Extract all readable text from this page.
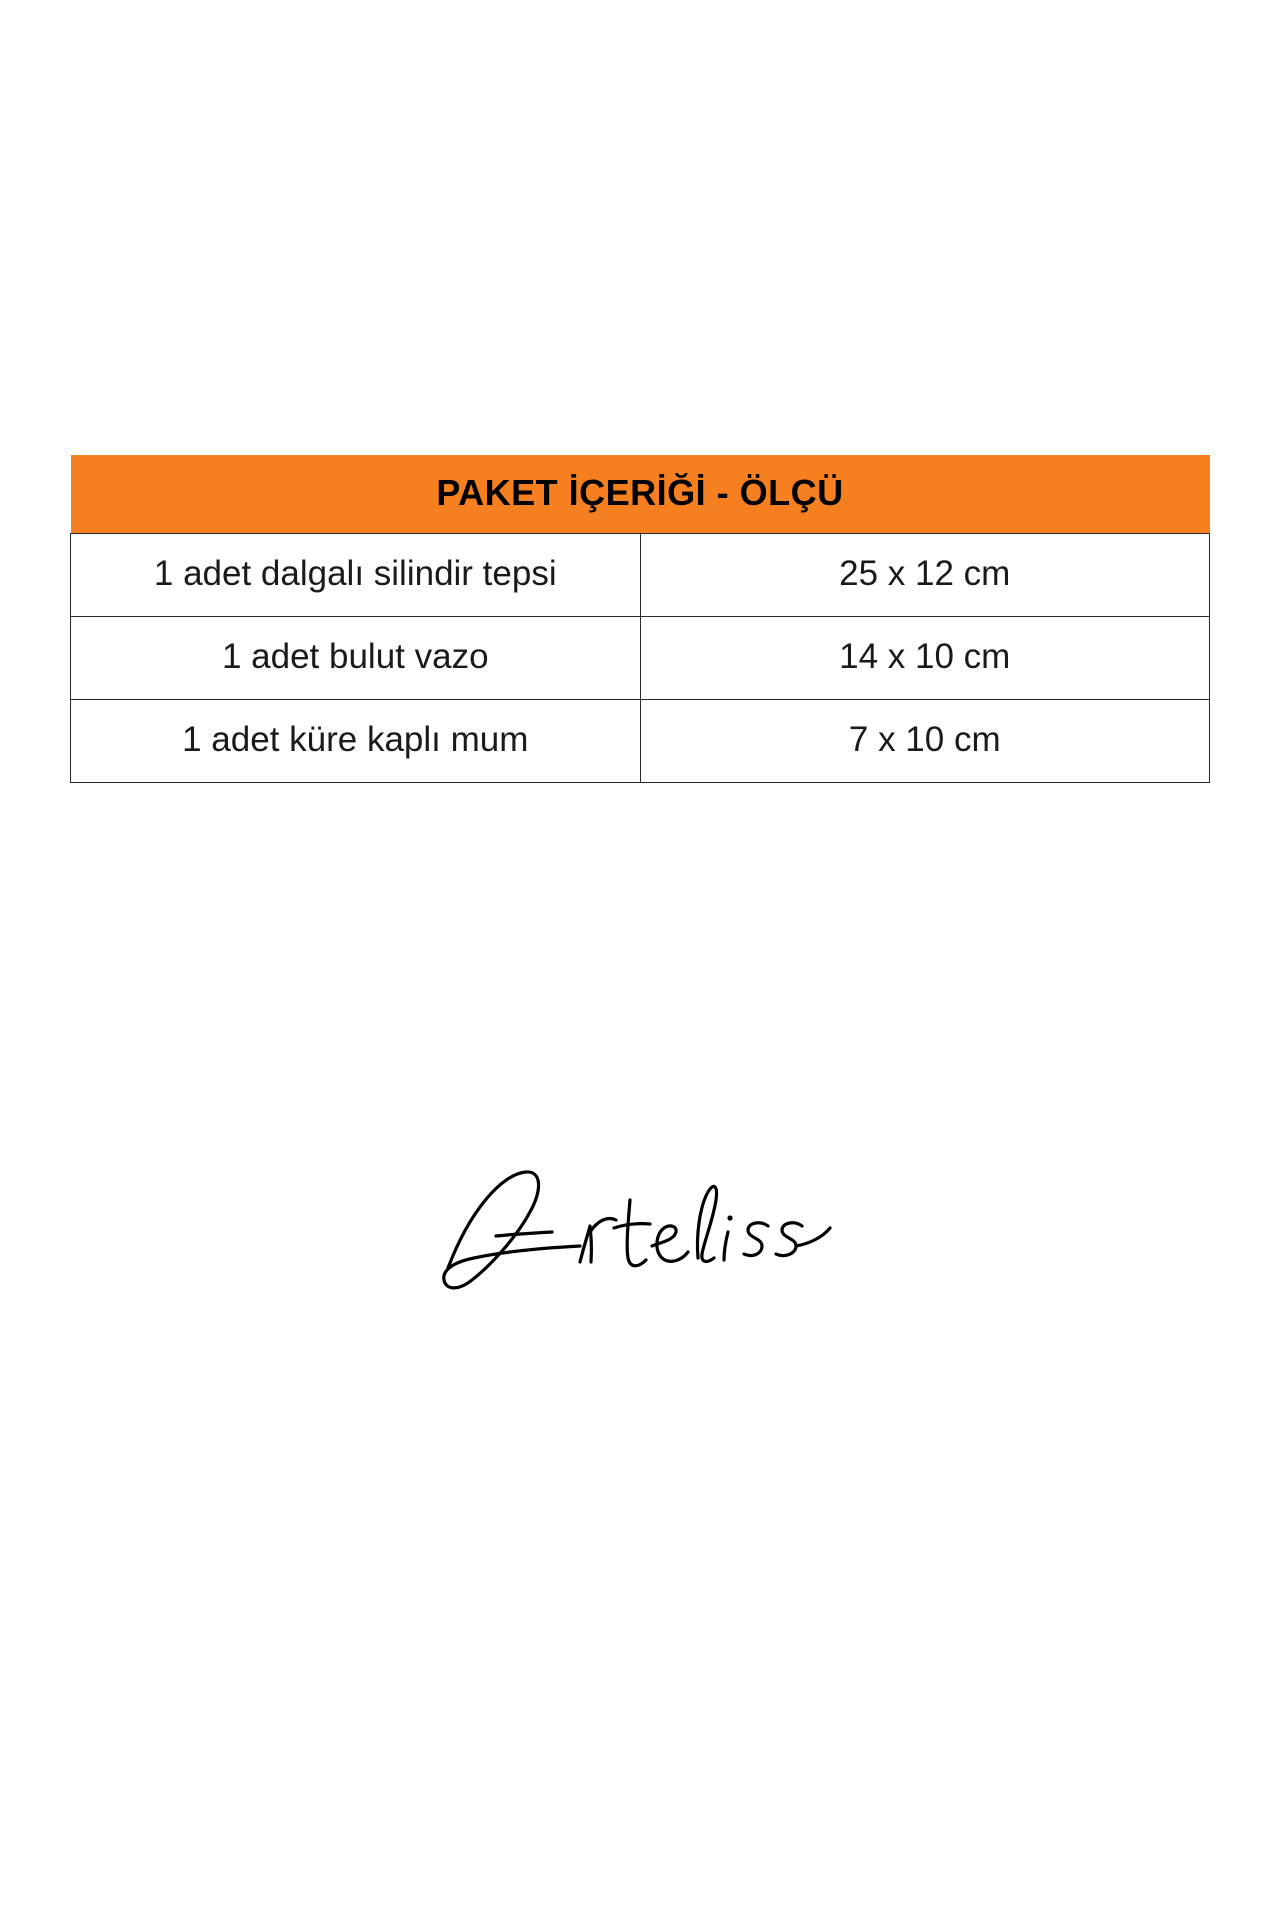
PAKET İÇERİĞİ - ÖLÇÜ	
1 adet dalgalı silindir tepsi	25 x 12 cm
1 adet bulut vazo	14 x 10 cm
1 adet küre kaplı mum	7 x 10 cm
